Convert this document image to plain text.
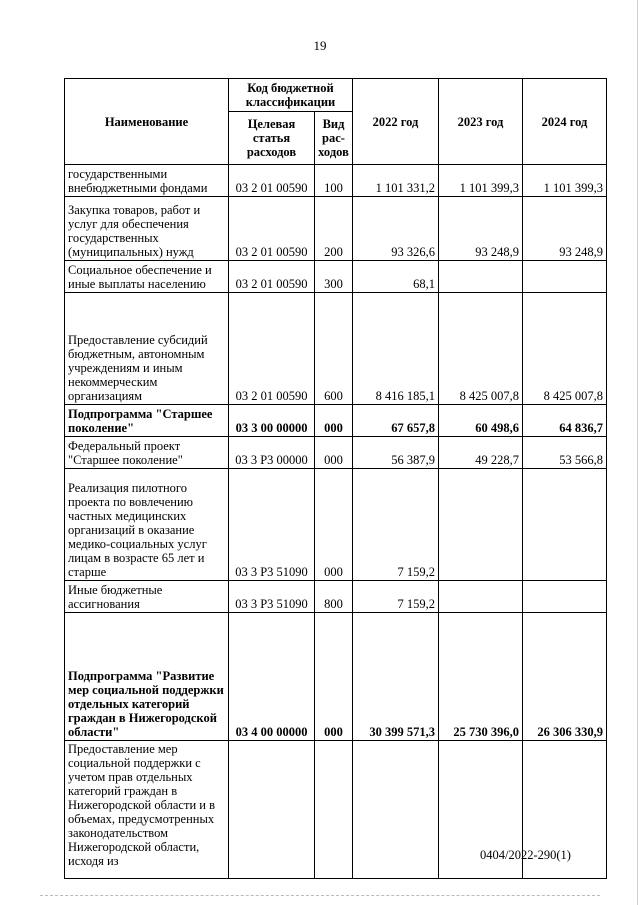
19
Наименование	Код бюджетной классификации		2022 год	2023 год	2024 год
	Целевая статья расходов	Вид рас-ходов			
государственными внебюджетными фондами	03 2 01 00590	100	1 101 331,2	1 101 399,3	1 101 399,3
Закупка товаров, работ и услуг для обеспечения государственных (муниципальных) нужд	03 2 01 00590	200	93 326,6	93 248,9	93 248,9
Социальное обеспечение и иные выплаты населению	03 2 01 00590	300	68,1		
Предоставление субсидий бюджетным, автономным учреждениям и иным некоммерческим организациям	03 2 01 00590	600	8 416 185,1	8 425 007,8	8 425 007,8
Подпрограмма "Старшее поколение"	03 3 00 00000	000	67 657,8	60 498,6	64 836,7
Федеральный проект "Старшее поколение"	03 3 P3 00000	000	56 387,9	49 228,7	53 566,8
Реализация пилотного проекта по вовлечению частных медицинских организаций в оказание медико-социальных услуг лицам в возрасте 65 лет и старше	03 3 P3 51090	000	7 159,2		
Иные бюджетные ассигнования	03 3 P3 51090	800	7 159,2		
Подпрограмма "Развитие мер социальной поддержки отдельных категорий граждан в Нижегородской области"	03 4 00 00000	000	30 399 571,3	25 730 396,0	26 306 330,9
Предоставление мер социальной поддержки с учетом прав отдельных категорий граждан в Нижегородской области и в объемах, предусмотренных законодательством Нижегородской области, исходя из						0404/2022-290(1)
